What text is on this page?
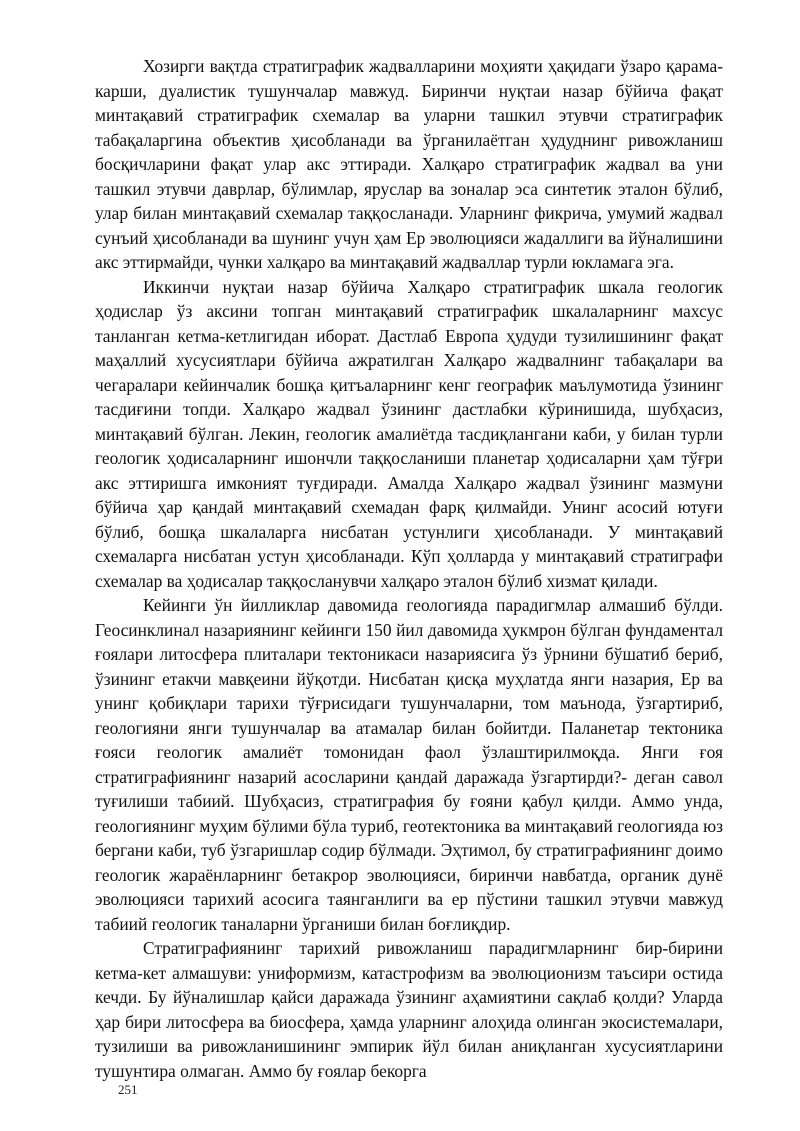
Хозирги вақтда стратиграфик жадвалларини моҳияти ҳақидаги ўзаро қарама-карши, дуалистик тушунчалар мавжуд. Биринчи нуқтаи назар бўйича фақат минтақавий стратиграфик схемалар ва уларни ташкил этувчи стратиграфик табақаларгина объектив ҳисобланади ва ўрганилаётган ҳудуднинг ривожланиш босқичларини фақат улар акс эттиради. Халқаро стратиграфик жадвал ва уни ташкил этувчи даврлар, бўлимлар, яруслар ва зоналар эса синтетик эталон бўлиб, улар билан минтақавий схемалар таққосланади. Уларнинг фикрича, умумий жадвал сунъий ҳисобланади ва шунинг учун ҳам Ер эволюцияси жадаллиги ва йўналишини акс эттирмайди, чунки халқаро ва минтақавий жадваллар турли юкламага эга.

Иккинчи нуқтаи назар бўйича Халқаро стратиграфик шкала геологик ҳодислар ўз аксини топган минтақавий стратиграфик шкалаларнинг махсус танланган кетма-кетлигидан иборат. Дастлаб Европа ҳудуди тузилишининг фақат маҳаллий хусусиятлари бўйича ажратилган Халқаро жадвалнинг табақалари ва чегаралари кейинчалик бошқа қитъаларнинг кенг географик маълумотида ўзининг тасдиғини топди. Халқаро жадвал ўзининг дастлабки кўринишида, шубҳасиз, минтақавий бўлган. Лекин, геологик амалиётда тасдиқлангани каби, у билан турли геологик ҳодисаларнинг ишончли таққосланиши планетар ҳодисаларни ҳам тўғри акс эттиришга имконият туғдиради. Амалда Халқаро жадвал ўзининг мазмуни бўйича ҳар қандай минтақавий схемадан фарқ қилмайди. Унинг асосий ютуғи бўлиб, бошқа шкалаларга нисбатан устунлиги ҳисобланади. У минтақавий схемаларга нисбатан устун ҳисобланади. Кўп ҳолларда у минтақавий стратиграфи схемалар ва ҳодисалар таққосланувчи халқаро эталон бўлиб хизмат қилади.

Кейинги ўн йилликлар давомида геологияда парадигмлар алмашиб бўлди. Геосинклинал назариянинг кейинги 150 йил давомида ҳукмрон бўлган фундаментал ғоялари литосфера плиталари тектоникаси назариясига ўз ўрнини бўшатиб бериб, ўзининг етакчи мавқеини йўқотди. Нисбатан қисқа муҳлатда янги назария, Ер ва унинг қобиқлари тарихи тўғрисидаги тушунчаларни, том маънода, ўзгартириб, геологияни янги тушунчалар ва атамалар билан бойитди. Паланетар тектоника ғояси геологик амалиёт томонидан фаол ўзлаштирилмоқда. Янги ғоя стратиграфиянинг назарий асосларини қандай даражада ўзгартирди?- деган савол туғилиши табиий. Шубҳасиз, стратиграфия бу ғояни қабул қилди. Аммо унда, геологиянинг муҳим бўлими бўла туриб, геотектоника ва минтақавий геологияда юз бергани каби, туб ўзгаришлар содир бўлмади. Эҳтимол, бу стратиграфиянинг доимо геологик жараёнларнинг бетакрор эволюцияси, биринчи навбатда, органик дунё эволюцияси тарихий асосига таянганлиги ва ер пўстини ташкил этувчи мавжуд табиий геологик таналарни ўрганиши билан боғлиқдир.

Стратиграфиянинг тарихий ривожланиш парадигмларнинг бир-бирини кетма-кет алмашуви: униформизм, катастрофизм ва эволюционизм таъсири остида кечди. Бу йўналишлар қайси даражада ўзининг аҳамиятини сақлаб қолди? Уларда ҳар бири литосфера ва биосфера, ҳамда уларнинг алоҳида олинган экосистемалари, тузилиши ва ривожланишининг эмпирик йўл билан аниқланган хусусиятларини тушунтира олмаган. Аммо бу ғоялар бекорга

251
